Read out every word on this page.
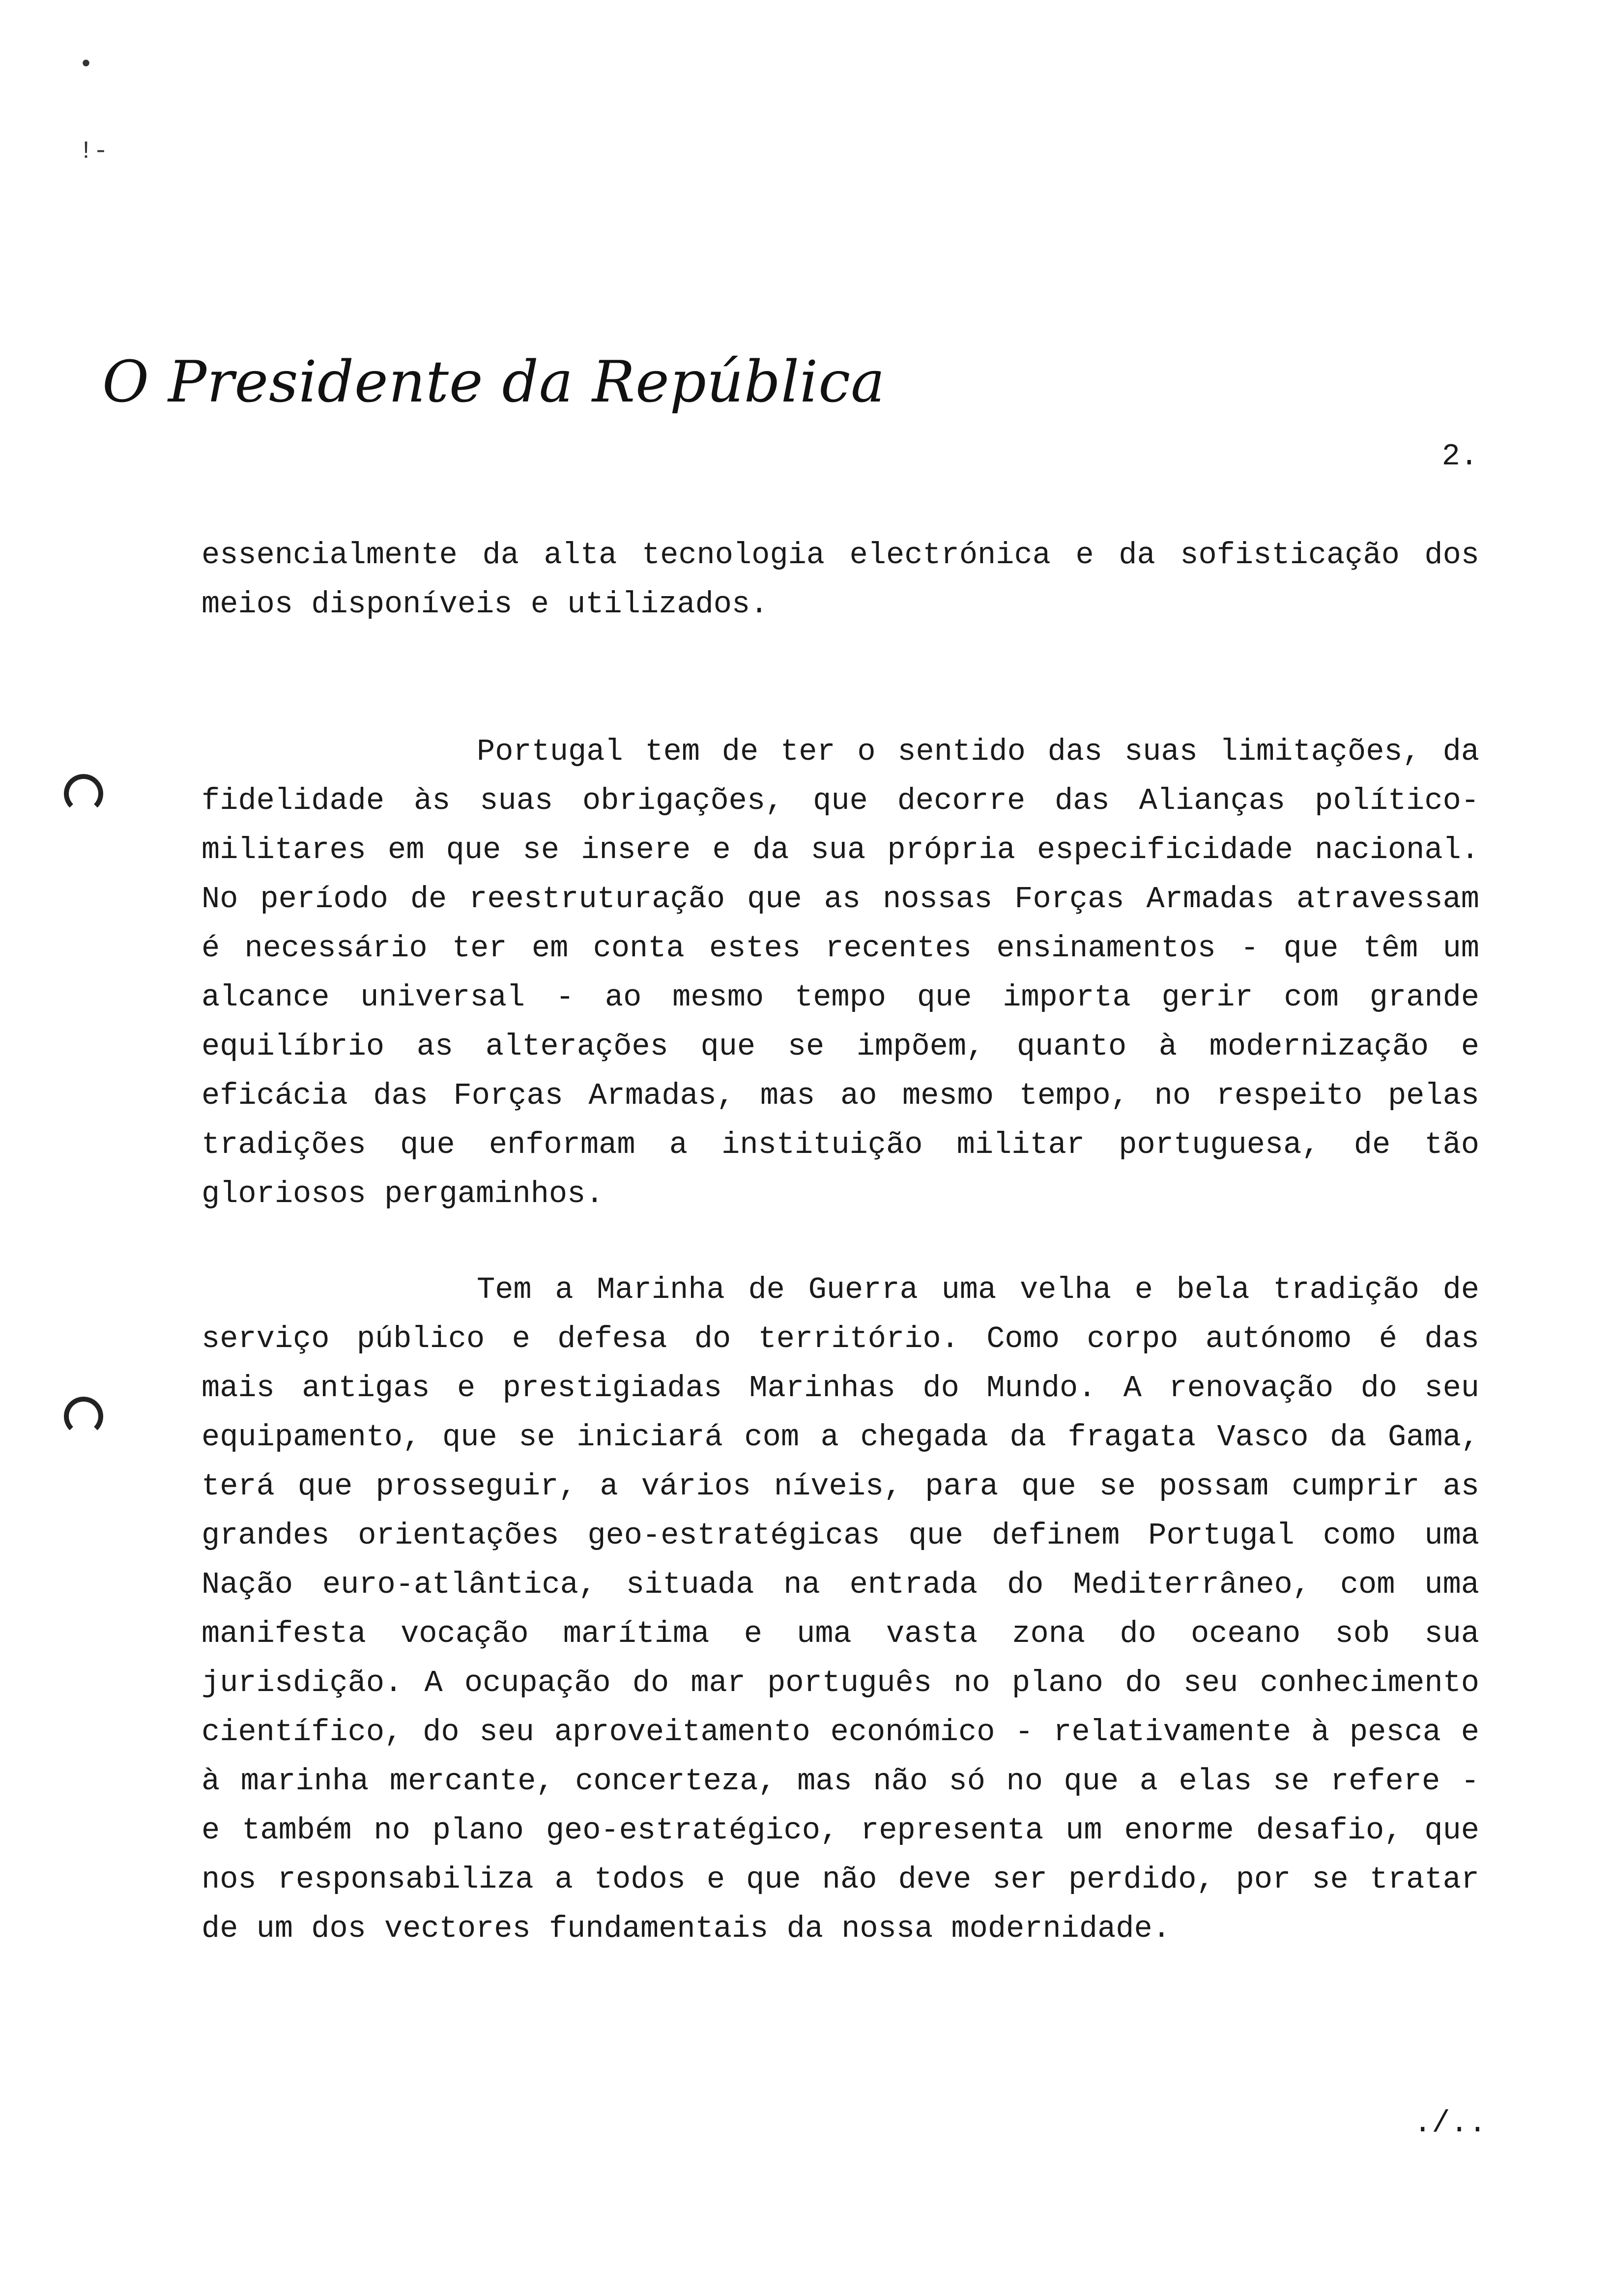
•
!-
O Presidente da República
2.

essencialmente da alta tecnologia electrónica e da sofisticação dos meios disponíveis e utilizados.

Portugal tem de ter o sentido das suas limitações, da fidelidade às suas obrigações, que decorre das Alianças político-militares em que se insere e da sua própria especificidade nacional. No período de reestruturação que as nossas Forças Armadas atravessam é necessário ter em conta estes recentes ensinamentos - que têm um alcance universal - ao mesmo tempo que importa gerir com grande equilíbrio as alterações que se impõem, quanto à modernização e eficácia das Forças Armadas, mas ao mesmo tempo, no respeito pelas tradições que enformam a instituição militar portuguesa, de tão gloriosos pergaminhos.

Tem a Marinha de Guerra uma velha e bela tradição de serviço público e defesa do território. Como corpo autónomo é das mais antigas e prestigiadas Marinhas do Mundo. A renovação do seu equipamento, que se iniciará com a chegada da fragata Vasco da Gama, terá que prosseguir, a vários níveis, para que se possam cumprir as grandes orientações geo-estratégicas que definem Portugal como uma Nação euro-atlântica, situada na entrada do Mediterrâneo, com uma manifesta vocação marítima e uma vasta zona do oceano sob sua jurisdição. A ocupação do mar português no plano do seu conhecimento científico, do seu aproveitamento económico - relativamente à pesca e à marinha mercante, concerteza, mas não só no que a elas se refere - e também no plano geo-estratégico, representa um enorme desafio, que nos responsabiliza a todos e que não deve ser perdido, por se tratar de um dos vectores fundamentais da nossa modernidade.

./..
